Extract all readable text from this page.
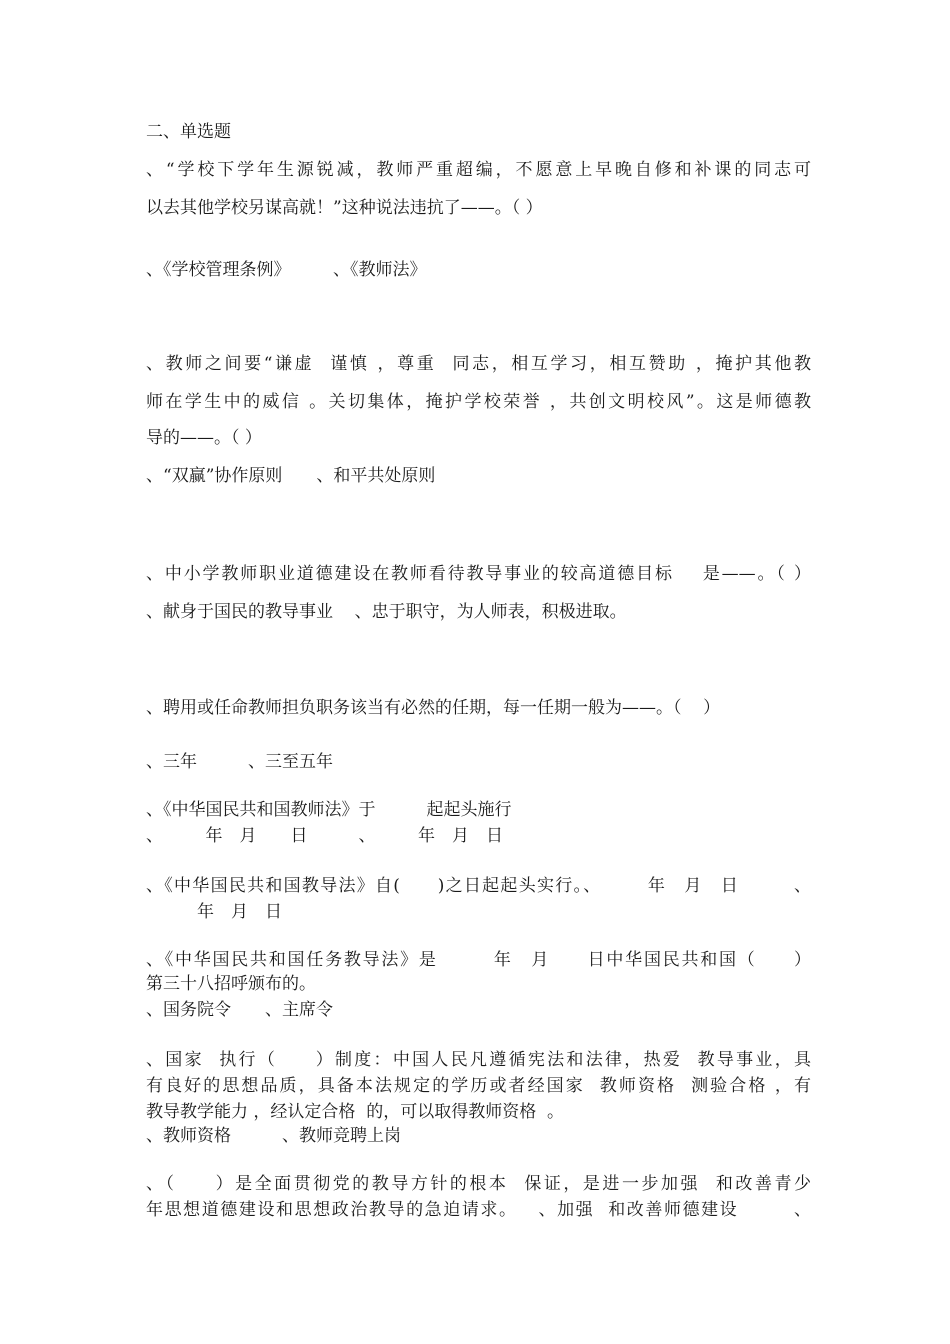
二、单选题
、“学校下学年生源锐减，教师严重超编，不愿意上早晚自修和补课的同志可
以去其他学校另谋高就！”这种说法违抗了——。（ ）
、《学校管理条例》　　　、《教师法》
、教师之间要“谦虚  谨慎 ，尊重  同志，相互学习，相互赞助 ，掩护其他教
师在学生中的威信 。关切集体，掩护学校荣誉 ，共创文明校风”。这是师德教
导的——。（ ）
、“双赢”协作原则　　、和平共处原则
、中小学教师职业道德建设在教师看待教导事业的较高道德目标    是——。（ ）
、献身于国民的教导事业    、忠于职守，为人师表，积极进取。
、聘用或任命教师担负职务该当有必然的任期，每一任期一般为——。（    ）
、三年　　　、三至五年
、《中华国民共和国教师法》于　　　起起头施行
、　　　年　月　　日　　　、　　　年　月　日
、《中华国民共和国教导法》自(　　)之日起起头实行。、　　　年　月　日　　　、
　　　年　月　日
、《中华国民共和国任务教导法》是　　　年　月　　日中华国民共和国（　　）
第三十八招呼颁布的。
、国务院令　　、主席令
、国家  执行（　　）制度：中国人民凡遵循宪法和法律，热爱  教导事业，具
有良好的思想品质，具备本法规定的学历或者经国家  教师资格  测验合格 ，有
教导教学能力 ，经认定合格  的，可以取得教师资格  。
、教师资格　　　、教师竞聘上岗
、（　　）是全面贯彻党的教导方针的根本  保证，是进一步加强  和改善青少
年思想道德建设和思想政治教导的急迫请求。   、加强  和改善师德建设　　　、
